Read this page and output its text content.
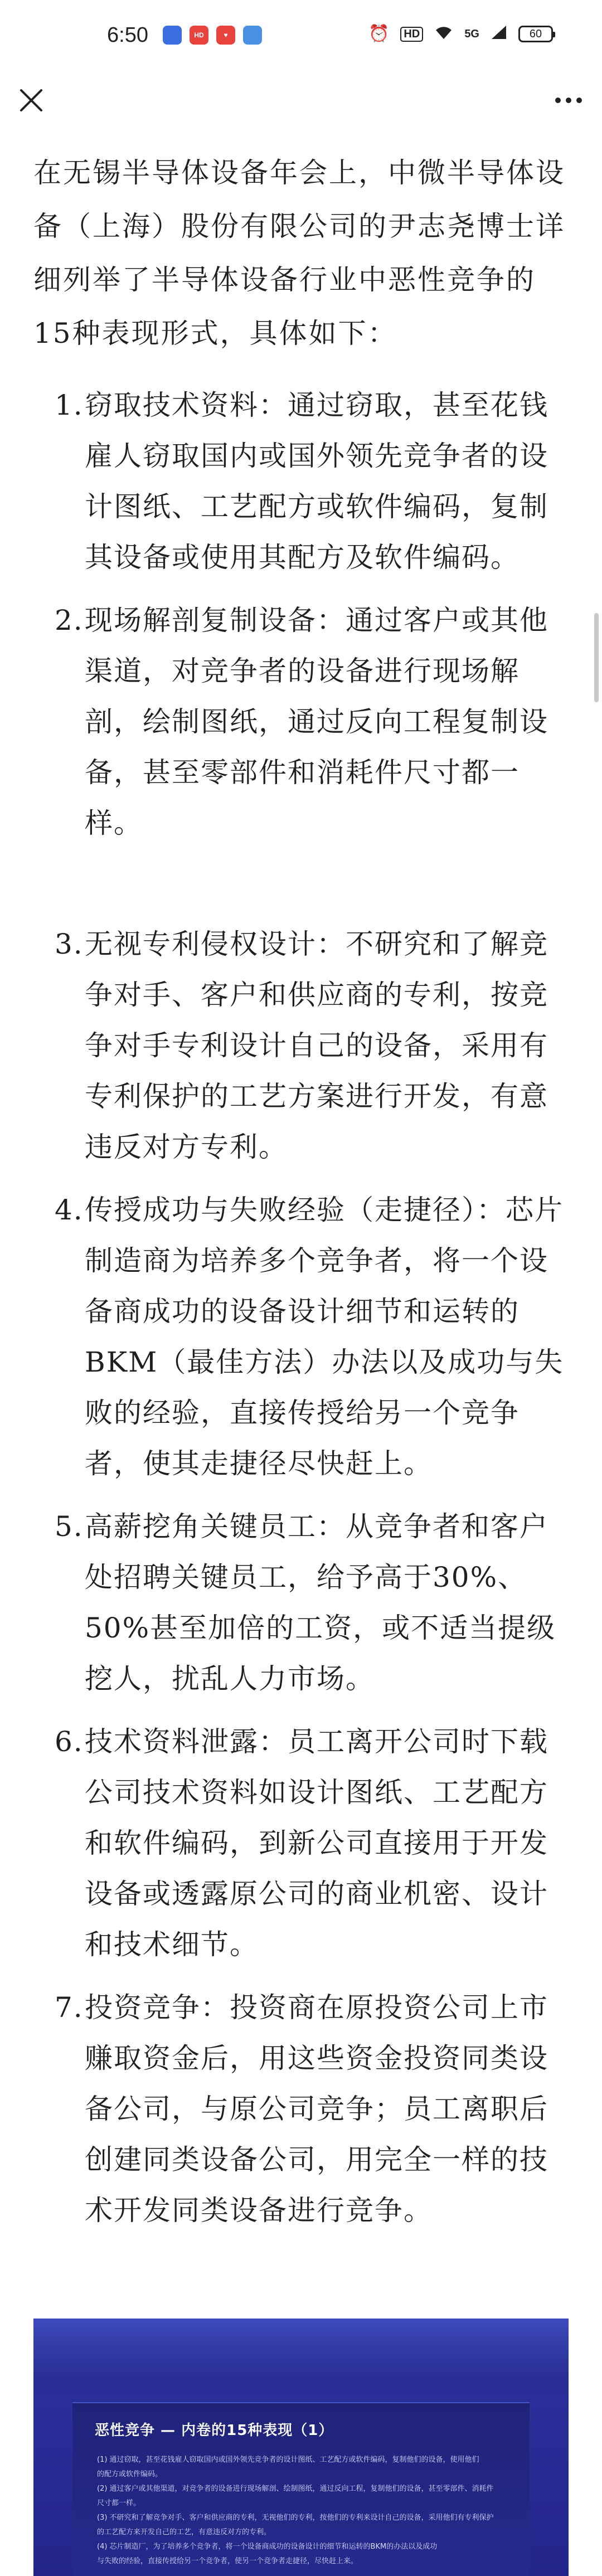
6:50	HD	♥	⏰	HD	5G	60

在无锡半导体设备年会上，中微半导体设备（上海）股份有限公司的尹志尧博士详细列举了半导体设备行业中恶性竞争的15种表现形式，具体如下：

1. 窃取技术资料：通过窃取，甚至花钱雇人窃取国内或国外领先竞争者的设计图纸、工艺配方或软件编码，复制其设备或使用其配方及软件编码。
2. 现场解剖复制设备：通过客户或其他渠道，对竞争者的设备进行现场解剖，绘制图纸，通过反向工程复制设备，甚至零部件和消耗件尺寸都一样。
3. 无视专利侵权设计：不研究和了解竞争对手、客户和供应商的专利，按竞争对手专利设计自己的设备，采用有专利保护的工艺方案进行开发，有意违反对方专利。
4. 传授成功与失败经验（走捷径）：芯片制造商为培养多个竞争者，将一个设备商成功的设备设计细节和运转的BKM（最佳方法）办法以及成功与失败的经验，直接传授给另一个竞争者，使其走捷径尽快赶上。
5. 高薪挖角关键员工：从竞争者和客户处招聘关键员工，给予高于30%、50%甚至加倍的工资，或不适当提级挖人，扰乱人力市场。
6. 技术资料泄露：员工离开公司时下载公司技术资料如设计图纸、工艺配方和软件编码，到新公司直接用于开发设备或透露原公司的商业机密、设计和技术细节。
7. 投资竞争：投资商在原投资公司上市赚取资金后，用这些资金投资同类设备公司，与原公司竞争；员工离职后创建同类设备公司，用完全一样的技术开发同类设备进行竞争。
恶性竞争 — 内卷的15种表现（1）
(1) 通过窃取，甚至花钱雇人窃取国内或国外领先竞争者的设计图纸、工艺配方或软件编码，复制他们的设备，使用他们
的配方或软件编码。
(2) 通过客户或其他渠道，对竞争者的设备进行现场解剖、绘制图纸，通过反向工程，复制他们的设备，甚至零部件、消耗件
尺寸都一样。
(3) 不研究和了解竞争对手、客户和供应商的专利，无视他们的专利，按他们的专利来设计自己的设备，采用他们有专利保护
的工艺配方来开发自己的工艺，有意违反对方的专利。
(4) 芯片制造厂，为了培养多个竞争者，将一个设备商成功的设备设计的细节和运转的BKM的办法以及成功
与失败的经验，直接传授给另一个竞争者，使另一个竞争者走捷径，尽快赶上来。
